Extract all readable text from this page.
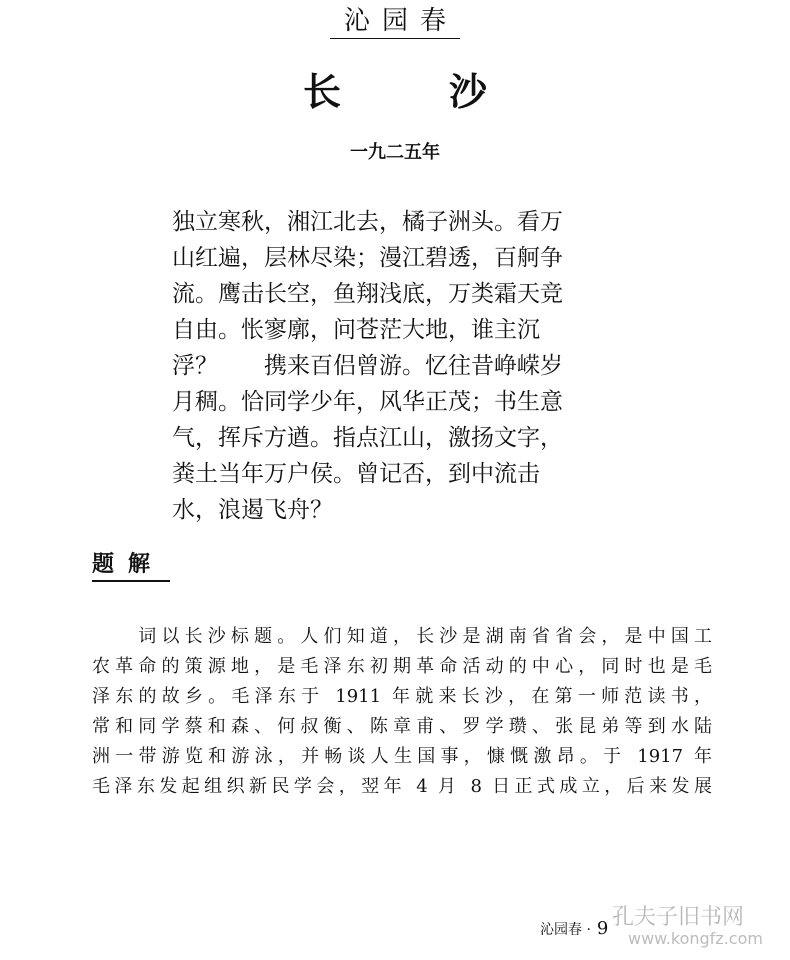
沁园春
长	沙
一九二五年
独立寒秋，湘江北去，橘子洲头。看万
山红遍，层林尽染；漫江碧透，百舸争
流。鹰击长空，鱼翔浅底，万类霜天竞
自由。怅寥廓，问苍茫大地，谁主沉
浮？　　携来百侣曾游。忆往昔峥嵘岁
月稠。恰同学少年，风华正茂；书生意
气，挥斥方遒。指点江山，激扬文字，
粪土当年万户侯。曾记否，到中流击
水，浪遏飞舟？
题解
　　词以长沙标题。人们知道，长沙是湖南省省会，是中国工
农革命的策源地，是毛泽东初期革命活动的中心，同时也是毛
泽东的故乡。毛泽东于 1911 年就来长沙，在第一师范读书，
常和同学蔡和森、何叔衡、陈章甫、罗学瓒、张昆弟等到水陆
洲一带游览和游泳，并畅谈人生国事，慷慨激昂。于 1917 年
毛泽东发起组织新民学会，翌年 4 月 8 日正式成立，后来发展
沁园春 · 9 孔夫子旧书网
www.kongfz.com
